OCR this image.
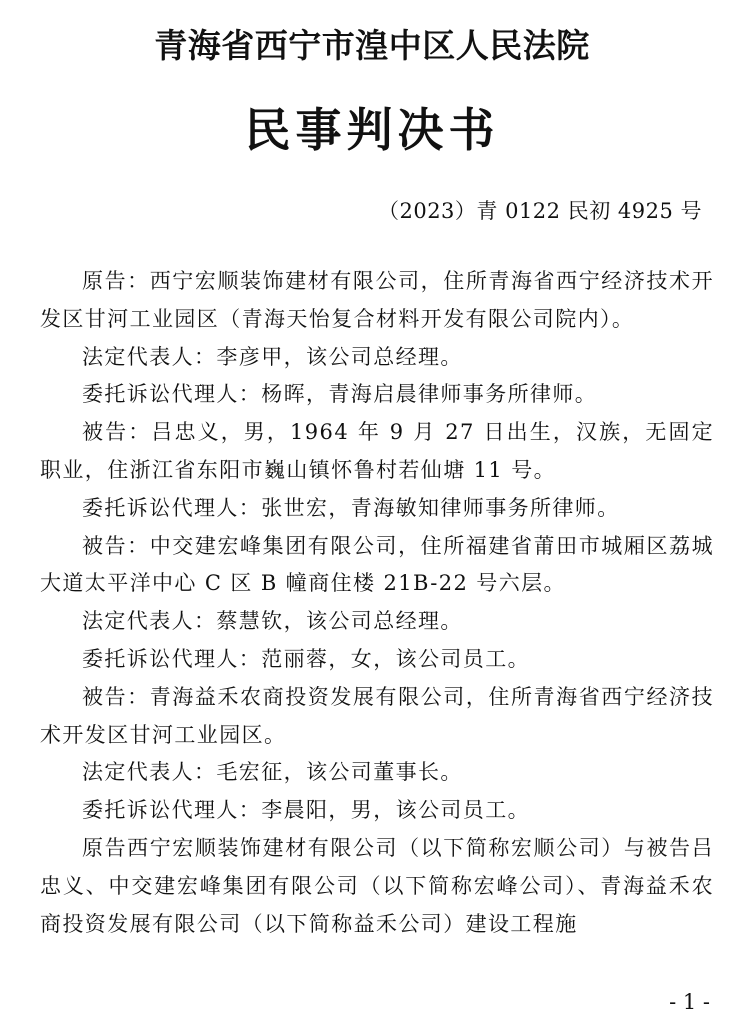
青海省西宁市湟中区人民法院
民事判决书
（2023）青 0122 民初 4925 号

原告：西宁宏顺装饰建材有限公司，住所青海省西宁经济技术开发区甘河工业园区（青海天怡复合材料开发有限公司院内）。

法定代表人：李彦甲，该公司总经理。

委托诉讼代理人：杨晖，青海启晨律师事务所律师。

被告：吕忠义，男，1964 年 9 月 27 日出生，汉族，无固定职业，住浙江省东阳市巍山镇怀鲁村若仙塘 11 号。

委托诉讼代理人：张世宏，青海敏知律师事务所律师。

被告：中交建宏峰集团有限公司，住所福建省莆田市城厢区荔城大道太平洋中心 C 区 B 幢商住楼 21B-22 号六层。

法定代表人：蔡慧钦，该公司总经理。

委托诉讼代理人：范丽蓉，女，该公司员工。

被告：青海益禾农商投资发展有限公司，住所青海省西宁经济技术开发区甘河工业园区。

法定代表人：毛宏征，该公司董事长。

委托诉讼代理人：李晨阳，男，该公司员工。

原告西宁宏顺装饰建材有限公司（以下简称宏顺公司）与被告吕忠义、中交建宏峰集团有限公司（以下简称宏峰公司）、青海益禾农商投资发展有限公司（以下简称益禾公司）建设工程施

- 1 -
